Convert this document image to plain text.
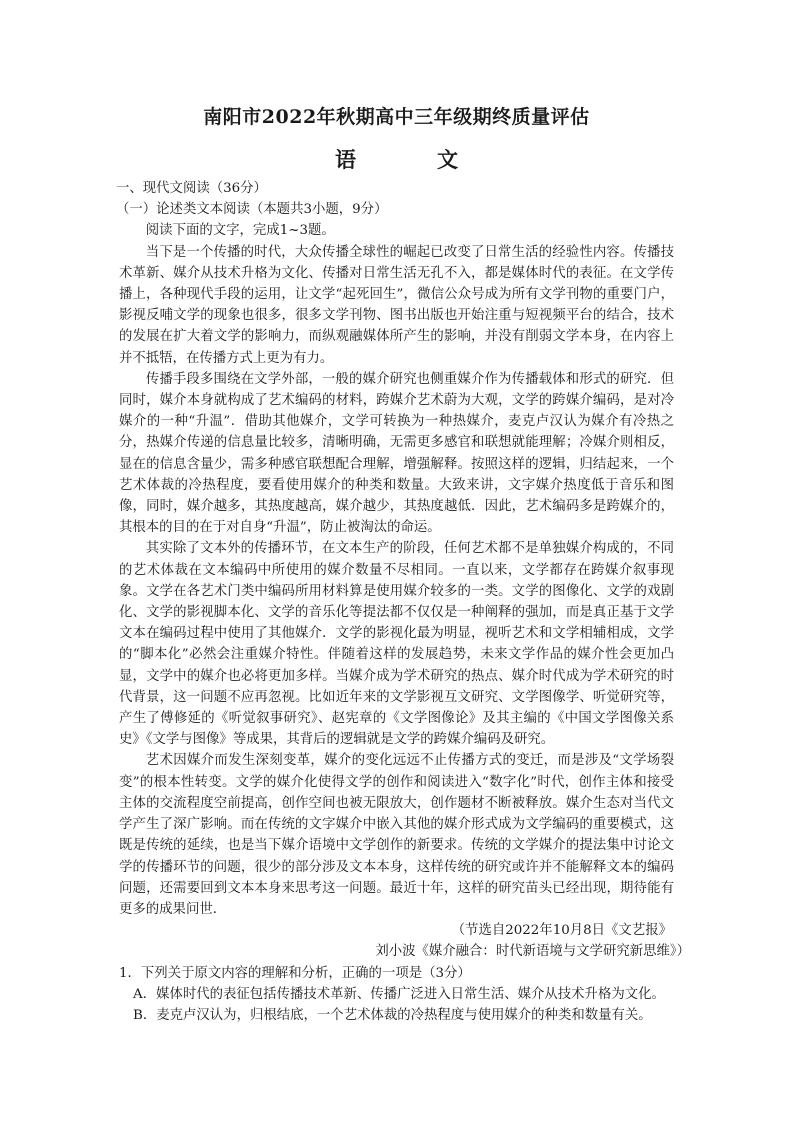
南阳市2022年秋期高中三年级期终质量评估
语　文

一、现代文阅读（36分）

（一）论述类文本阅读（本题共3小题，9分）

阅读下面的文字，完成1~3题。

当下是一个传播的时代，大众传播全球性的崛起已改变了日常生活的经验性内容。传播技术革新、媒介从技术升格为文化、传播对日常生活无孔不入，都是媒体时代的表征。在文学传播上，各种现代手段的运用，让文学“起死回生”，微信公众号成为所有文学刊物的重要门户，影视反哺文学的现象也很多，很多文学刊物、图书出版也开始注重与短视频平台的结合，技术的发展在扩大着文学的影响力，而纵观融媒体所产生的影响，并没有削弱文学本身，在内容上并不抵牾，在传播方式上更为有力。

传播手段多围绕在文学外部，一般的媒介研究也侧重媒介作为传播载体和形式的研究．但同时，媒介本身就构成了艺术编码的材料，跨媒介艺术蔚为大观，文学的跨媒介编码，是对冷媒介的一种“升温”．借助其他媒介，文学可转换为一种热媒介，麦克卢汉认为媒介有冷热之分，热媒介传递的信息量比较多，清晰明确，无需更多感官和联想就能理解；冷媒介则相反，显在的信息含量少，需多种感官联想配合理解，增强解释。按照这样的逻辑，归结起来，一个艺术体裁的冷热程度，要看使用媒介的种类和数量。大致来讲，文字媒介热度低于音乐和图像，同时，媒介越多，其热度越高，媒介越少，其热度越低．因此，艺术编码多是跨媒介的，其根本的目的在于对自身“升温”，防止被淘汰的命运。

其实除了文本外的传播环节，在文本生产的阶段，任何艺术都不是单独媒介构成的，不同的艺术体裁在文本编码中所使用的媒介数量不尽相同。一直以来，文学都存在跨媒介叙事现象。文学在各艺术门类中编码所用材料算是使用媒介较多的一类。文学的图像化、文学的戏剧化、文学的影视脚本化、文学的音乐化等提法都不仅仅是一种阐释的强加，而是真正基于文学文本在编码过程中使用了其他媒介．文学的影视化最为明显，视听艺术和文学相辅相成，文学的“脚本化”必然会注重媒介特性。伴随着这样的发展趋势，未来文学作品的媒介性会更加凸显，文学中的媒介也必将更加多样。当媒介成为学术研究的热点、媒介时代成为学术研究的时代背景，这一问题不应再忽视。比如近年来的文学影视互文研究、文学图像学、听觉研究等，产生了傅修延的《听觉叙事研究》、赵宪章的《文学图像论》及其主编的《中国文学图像关系史》《文学与图像》等成果，其背后的逻辑就是文学的跨媒介编码及研究。

艺术因媒介而发生深刻变革，媒介的变化远远不止传播方式的变迁，而是涉及“文学场裂变”的根本性转变。文学的媒介化使得文学的创作和阅读进入“数字化”时代，创作主体和接受主体的交流程度空前提高，创作空间也被无限放大，创作题材不断被释放。媒介生态对当代文学产生了深广影响。而在传统的文字媒介中嵌入其他的媒介形式成为文学编码的重要模式，这既是传统的延续，也是当下媒介语境中文学创作的新要求。传统的文学媒介的提法集中讨论文学的传播环节的问题，很少的部分涉及文本本身，这样传统的研究或许并不能解释文本的编码问题，还需要回到文本本身来思考这一问题。最近十年，这样的研究苗头已经出现，期待能有更多的成果问世．

（节选自2022年10月8日《文艺报》

刘小波《媒介融合：时代新语境与文学研究新思维》）

1．下列关于原文内容的理解和分析，正确的一项是（3分）

A．媒体时代的表征包括传播技术革新、传播广泛进入日常生活、媒介从技术升格为文化。

B．麦克卢汉认为，归根结底，一个艺术体裁的冷热程度与使用媒介的种类和数量有关。
